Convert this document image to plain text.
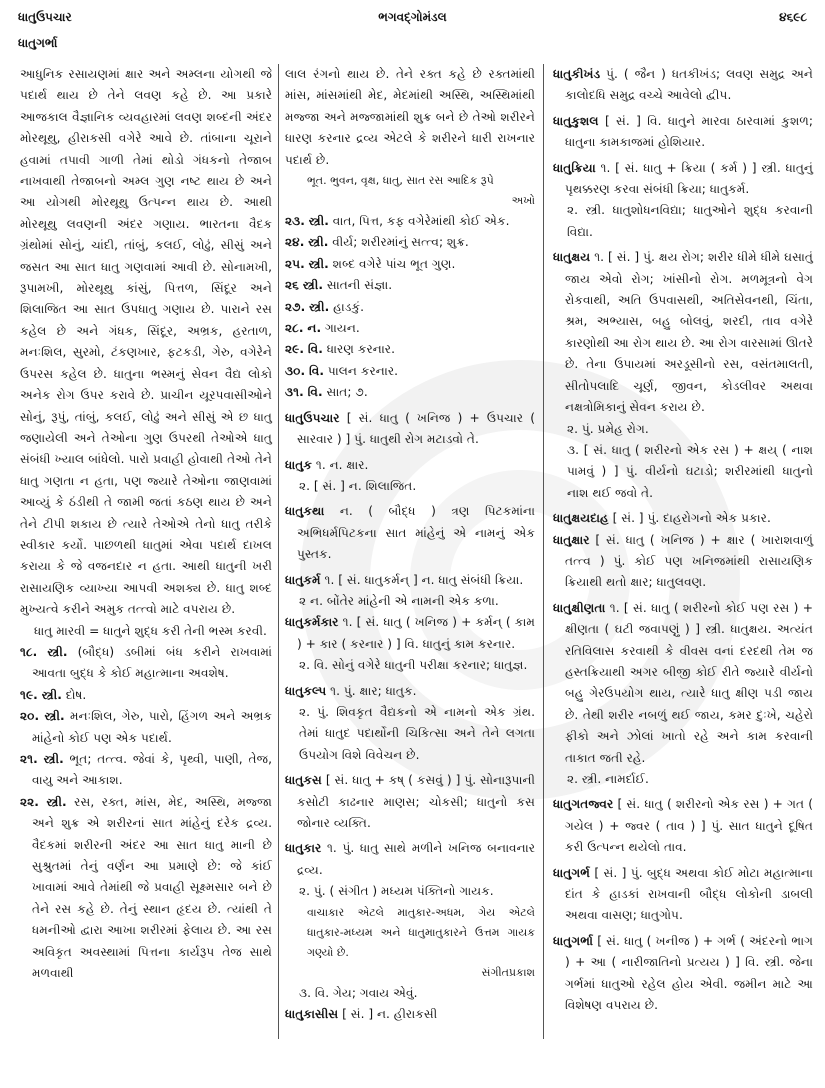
ધાતુઉપચાર
ધાતુગર્ભા
ભગવદ્ગોમંડલ	૪૬૯૮

આધુનિક રસાયણમાં ક્ષાર અને અમ્લના યોગથી જે પદાર્થ થાય છે તેને લવણ કહે છે. આ પ્રકારે આજકાલ વૈજ્ઞાનિક વ્યવહારમાં લવણ શબ્દની અંદર મોરથૂથુ, હીરાકસી વગેરે આવે છે. તાંબાના ચૂરાને હવામાં તપાવી ગાળી તેમાં થોડો ગંધકનો તેજાબ નાખવાથી તેજાબનો અમ્લ ગુણ નષ્ટ થાય છે અને આ યોગથી મોરથૂથુ ઉત્પન્ન થાય છે. આથી મોરથૂથુ લવણની અંદર ગણાય. ભારતના વૈદક ગ્રંથોમાં સોનું, ચાંદી, તાંબું, કલઈ, લોઢું, સીસું અને જસત આ સાત ધાતુ ગણવામાં આવી છે. સોનામખી, રૂપામખી, મોરથૂથુ કાંસું, પિત્તળ, સિંદૂર અને શિલાજિત આ સાત ઉપધાતુ ગણાય છે. પારાને રસ કહેલ છે અને ગંધક, સિંદૂર, અભ્રક, હરતાળ, મનઃશિલ, સુરમો, ટંકણખાર, ફટકડી, ગેરુ, વગેરેને ઉપરસ કહેલ છે. ધાતુના ભસ્મનું સેવન વૈદ્ય લોકો અનેક રોગ ઉપર કરાવે છે. પ્રાચીન યૂરપવાસીઓને સોનું, રૂપું, તાંબું, કલઈ, લોઢું અને સીસું એ છ ધાતુ જણાયેલી અને તેઓના ગુણ ઉપરથી તેઓએ ધાતુ સંબંધી ખ્યાલ બાંધેલો. પારો પ્રવાહી હોવાથી તેઓ તેને ધાતુ ગણતા ન હતા, પણ જ્યારે તેઓના જાણવામાં આવ્યું કે ઠંડીથી તે જામી જતાં કઠણ થાય છે અને તેને ટીપી શકાય છે ત્યારે તેઓએ તેનો ધાતુ તરીકે સ્વીકાર કર્યો. પાછળથી ધાતુમાં એવા પદાર્થ દાખલ કરાયા કે જે વજનદાર ન હતા. આથી ધાતુની ખરી રાસાયણિક વ્યાખ્યા આપવી અશક્ય છે. ધાતુ શબ્દ મુખ્યત્વે કરીને અમુક તત્ત્વો માટે વપરાય છે.

ધાતુ મારવી = ધાતુને શુદ્ધ કરી તેની ભસ્મ કરવી.

૧૮. સ્ત્રી. (બૌદ્ધ) ડબીમાં બંધ કરીને રાખવામાં આવતા બુદ્ધ કે કોઈ મહાત્માના અવશેષ.

૧૯. સ્ત્રી. દોષ.

૨૦. સ્ત્રી. મનઃશિલ, ગેરુ, પારો, હિંગળ અને અભ્રક માંહેનો કોઈ પણ એક પદાર્થ.

૨૧. સ્ત્રી. ભૂત; તત્ત્વ. જેવાં કે, પૃથ્વી, પાણી, તેજ, વાયુ અને આકાશ.

૨૨. સ્ત્રી. રસ, રક્ત, માંસ, મેદ, અસ્થિ, મજ્જા અને શુક્ર એ શરીરનાં સાત માંહેનું દરેક દ્રવ્ય. વૈદકમાં શરીરની અંદર આ સાત ધાતુ માની છે સુશ્રુતમાં તેનું વર્ણન આ પ્રમાણે છે: જે કાંઈ ખાવામાં આવે તેમાંથી જે પ્રવાહી સૂક્ષ્મસાર બને છે તેને રસ કહે છે. તેનું સ્થાન હૃદય છે. ત્યાંથી તે ધમનીઓ દ્વારા આખા શરીરમાં ફેલાય છે. આ રસ અવિકૃત અવસ્થામાં પિત્તના કાર્યરૂપ તેજ સાથે મળવાથી

લાલ રંગનો થાય છે. તેને રક્ત કહે છે રક્તમાંથી માંસ, માંસમાંથી મેદ, મેદમાંથી અસ્થિ, અસ્થિમાંથી મજ્જા અને મજ્જામાંથી શુક્ર બને છે તેઓ શરીરને ધારણ કરનાર દ્રવ્ય એટલે કે શરીરને ધારી રાખનાર પદાર્થ છે.

ભૂત. ભુવન, વૃક્ષ, ધાતુ, સાત રસ આદિક રૂપે

અખો

૨૩. સ્ત્રી. વાત, પિત્ત, કફ વગેરેમાંથી કોઈ એક.

૨૪. સ્ત્રી. વીર્ય; શરીરમાંનું સત્ત્વ; શુક્ર.

૨૫. સ્ત્રી. શબ્દ વગેરે પાંચ ભૂત ગુણ.

૨૬ સ્ત્રી. સાતની સંજ્ઞા.

૨૭. સ્ત્રી. હાડકું.

૨૮. ન. ગાયન.

૨૯. વિ. ધારણ કરનાર.

૩૦. વિ. પાલન કરનાર.

૩૧. વિ. સાત; ૭.

ધાતુઉપચાર [ સં. ધાતુ ( ખનિજ ) + ઉપચાર ( સારવાર ) ] પું. ધાતુથી રોગ મટાડવો તે.

ધાતુક ૧. ન. ક્ષાર.

૨. [ સં. ] ન. શિલાજિત.

ધાતુકથા ન. ( બૌદ્ધ ) ત્રણ પિટકમાંના અભિધર્મપિટકના સાત માંહેનું એ નામનું એક પુસ્તક.

ધાતુકર્મ ૧. [ સં. ધાતુકર્મન્ ] ન. ધાતુ સંબંધી ક્રિયા.

૨ ન. બોંતેર માંહેની એ નામની એક કળા.

ધાતુકર્મકાર ૧. [ સં. ધાતુ ( ખનિજ ) + કર્મન્ ( કામ ) + કાર ( કરનાર ) ] વિ. ધાતુનું કામ કરનાર.

૨. વિ. સોનું વગેરે ધાતુની પરીક્ષા કરનાર; ધાતુજ્ઞ.

ધાતુકલ્પ ૧. પું. ક્ષાર; ધાતુક.

૨. પું. શિવકૃત વૈદ્યકનો એ નામનો એક ગ્રંથ. તેમાં ધાતુદ પદાર્થોની ચિકિત્સા અને તેને લગતા ઉપયોગ વિશે વિવેચન છે.

ધાતુકસ [ સં. ધાતુ + કષ્ ( કસવું ) ] પું. સોનારૂપાની કસોટી કાઢનાર માણસ; ચોકસી; ધાતુનો કસ જોનાર વ્યક્તિ.

ધાતુકાર ૧. પું. ધાતુ સાથે મળીને ખનિજ બનાવનાર દ્રવ્ય.

૨. પું. ( સંગીત ) મધ્યમ પંક્તિનો ગાયક.

વાચાકાર એટલે માતુકાર-અધમ, ગેય એટલે ધાતુકાર-મધ્યમ અને ધાતુમાતુકારને ઉત્તમ ગાયક ગણ્યો છે.

સંગીતપ્રકાશ

૩. વિ. ગેય; ગવાય એવું.

ધાતુકાસીસ [ સં. ] ન. હીરાકસી

ધાતુકીખંડ પું. ( જૈન ) ધતકીખંડ; લવણ સમુદ્ર અને કાલોદધિ સમુદ્ર વચ્ચે આવેલો દ્વીપ.

ધાતુકુશલ [ સં. ] વિ. ધાતુને મારવા ઠારવામાં કુશળ; ધાતુના કામકાજમાં હોશિયાર.

ધાતુક્રિયા ૧. [ સં. ધાતુ + ક્રિયા ( કર્મ ) ] સ્ત્રી. ધાતુનું પૃથક્કરણ કરવા સંબંધી ક્રિયા; ધાતુકર્મ.

૨. સ્ત્રી. ધાતુશોધનવિદ્યા; ધાતુઓને શુદ્ધ કરવાની વિદ્યા.

ધાતુક્ષય ૧. [ સં. ] પું. ક્ષય રોગ; શરીર ધીમે ધીમે ઘસાતું જાય એવો રોગ; ખાંસીનો રોગ. મળમૂત્રનો વેગ રોકવાથી, અતિ ઉપવાસથી, અતિસેવનથી, ચિંતા, શ્રમ, અભ્યાસ, બહુ બોલવું, શરદી, તાવ વગેરે કારણોથી આ રોગ થાય છે. આ રોગ વારસામાં ઊતરે છે. તેના ઉપાયમાં અરડૂસીનો રસ, વસંતમાલતી, સીતોપલાદિ ચૂર્ણ, જીવન, કોડલીવર અથવા નક્ષત્રોમિકાનું સેવન કરાય છે.

૨. પું. પ્રમેહ રોગ.

૩. [ સં. ધાતુ ( શરીરનો એક રસ ) + ક્ષય્ ( નાશ પામવું ) ] પું. વીર્યનો ઘટાડો; શરીરમાંથી ધાતુનો નાશ થઈ જવો તે.

ધાતુક્ષયદાહ [ સં. ] પું. દાહરોગનો એક પ્રકાર.

ધાતુક્ષાર [ સં. ધાતુ ( ખનિજ ) + ક્ષાર ( ખારાશવાળું તત્ત્વ ) પું. કોઈ પણ ખનિજમાંથી રાસાયણિક ક્રિયાથી થતો ક્ષાર; ધાતુલવણ.

ધાતુક્ષીણતા ૧. [ સં. ધાતુ ( શરીરનો કોઈ પણ રસ ) + ક્ષીણતા ( ઘટી જવાપણું ) ] સ્ત્રી. ધાતુક્ષય. અત્યંત રતિવિલાસ કરવાથી કે વીવસ વનાં દરદથી તેમ જ હસ્તક્રિયાથી અગર બીજી કોઈ રીતે જ્યારે વીર્યનો બહુ ગેરઉપયોગ થાય, ત્યારે ધાતુ ક્ષીણ પડી જાય છે. તેથી શરીર નબળું થઈ જાય, કમર દુઃખે, ચહેરો ફીકો અને ઝોલાં ખાતો રહે અને કામ કરવાની તાકાત જતી રહે.

૨. સ્ત્રી. નામર્દાઈ.

ધાતુગતજ્વર [ સં. ધાતુ ( શરીરનો એક રસ ) + ગત ( ગયેલ ) + જ્વર ( તાવ ) ] પું. સાત ધાતુને દૂષિત કરી ઉત્પન્ન થયેલો તાવ.

ધાતુગર્ભ [ સં. ] પું. બુદ્ધ અથવા કોઈ મોટા મહાત્માના દાંત કે હાડકાં રાખવાની બૌદ્ધ લોકોની ડાબલી અથવા વાસણ; ધાતુગોપ.

ધાતુગર્ભા [ સં. ધાતુ ( ખનીજ ) + ગર્ભ ( અંદરનો ભાગ ) + આ ( નારીજાતિનો પ્રત્યય ) ] વિ. સ્ત્રી. જેના ગર્ભમાં ધાતુઓ રહેલ હોય એવી. જમીન માટે આ વિશેષણ વપરાય છે.
